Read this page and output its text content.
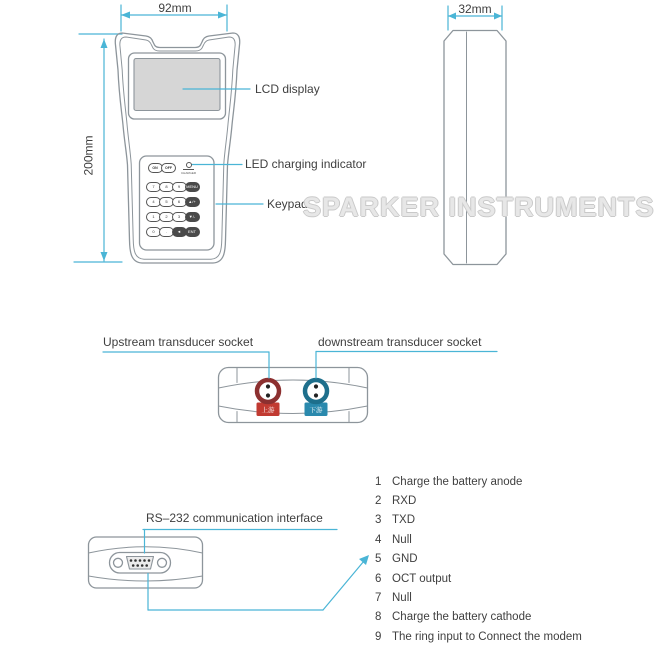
上游	下游
92mm
200mm
32mm
LCD display
LED charging indicator
Keypad
Upstream transducer socket	downstream transducer socket
RS–232 communication interface
SPARKER INSTRUMENTS
ON	OFF
CHARGER
7	8	9	MENU
4	5	6	▲/+
1	2	3	▼/-
0	.	◄	ENT
1 Charge the battery anode
2 RXD
3 TXD
4 Null
5 GND
6 OCT output
7 Null
8 Charge the battery cathode
9 The ring input to Connect the modem
